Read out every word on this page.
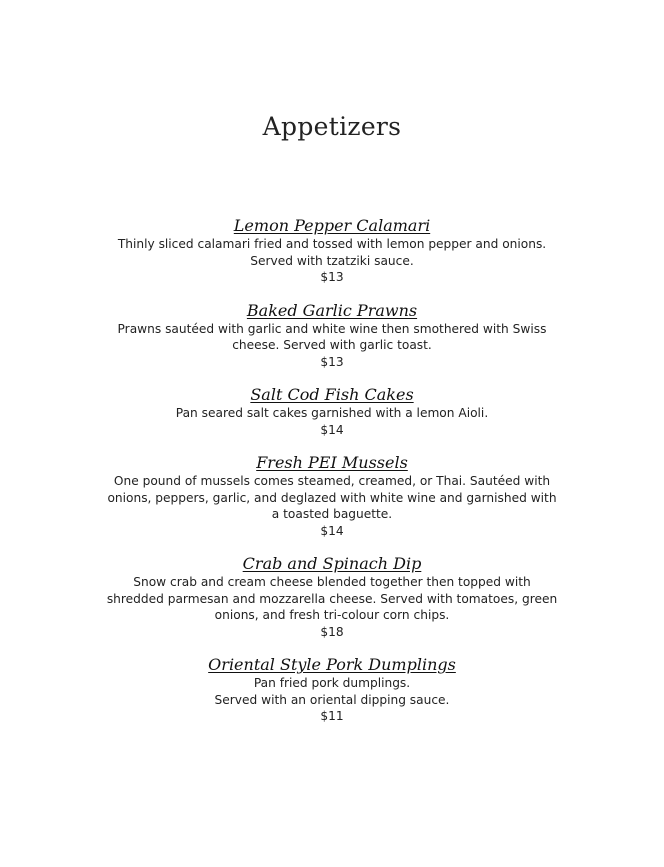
Appetizers

Lemon Pepper Calamari

Thinly sliced calamari fried and tossed with lemon pepper and onions.
Served with tzatziki sauce.

$13

Baked Garlic Prawns

Prawns sautéed with garlic and white wine then smothered with Swiss
cheese. Served with garlic toast.

$13

Salt Cod Fish Cakes

Pan seared salt cakes garnished with a lemon Aioli.

$14

Fresh PEI Mussels

One pound of mussels comes steamed, creamed, or Thai. Sautéed with
onions, peppers, garlic, and deglazed with white wine and garnished with
a toasted baguette.

$14

Crab and Spinach Dip

Snow crab and cream cheese blended together then topped with
shredded parmesan and mozzarella cheese. Served with tomatoes, green
onions, and fresh tri-colour corn chips.

$18

Oriental Style Pork Dumplings

Pan fried pork dumplings.
Served with an oriental dipping sauce.

$11
